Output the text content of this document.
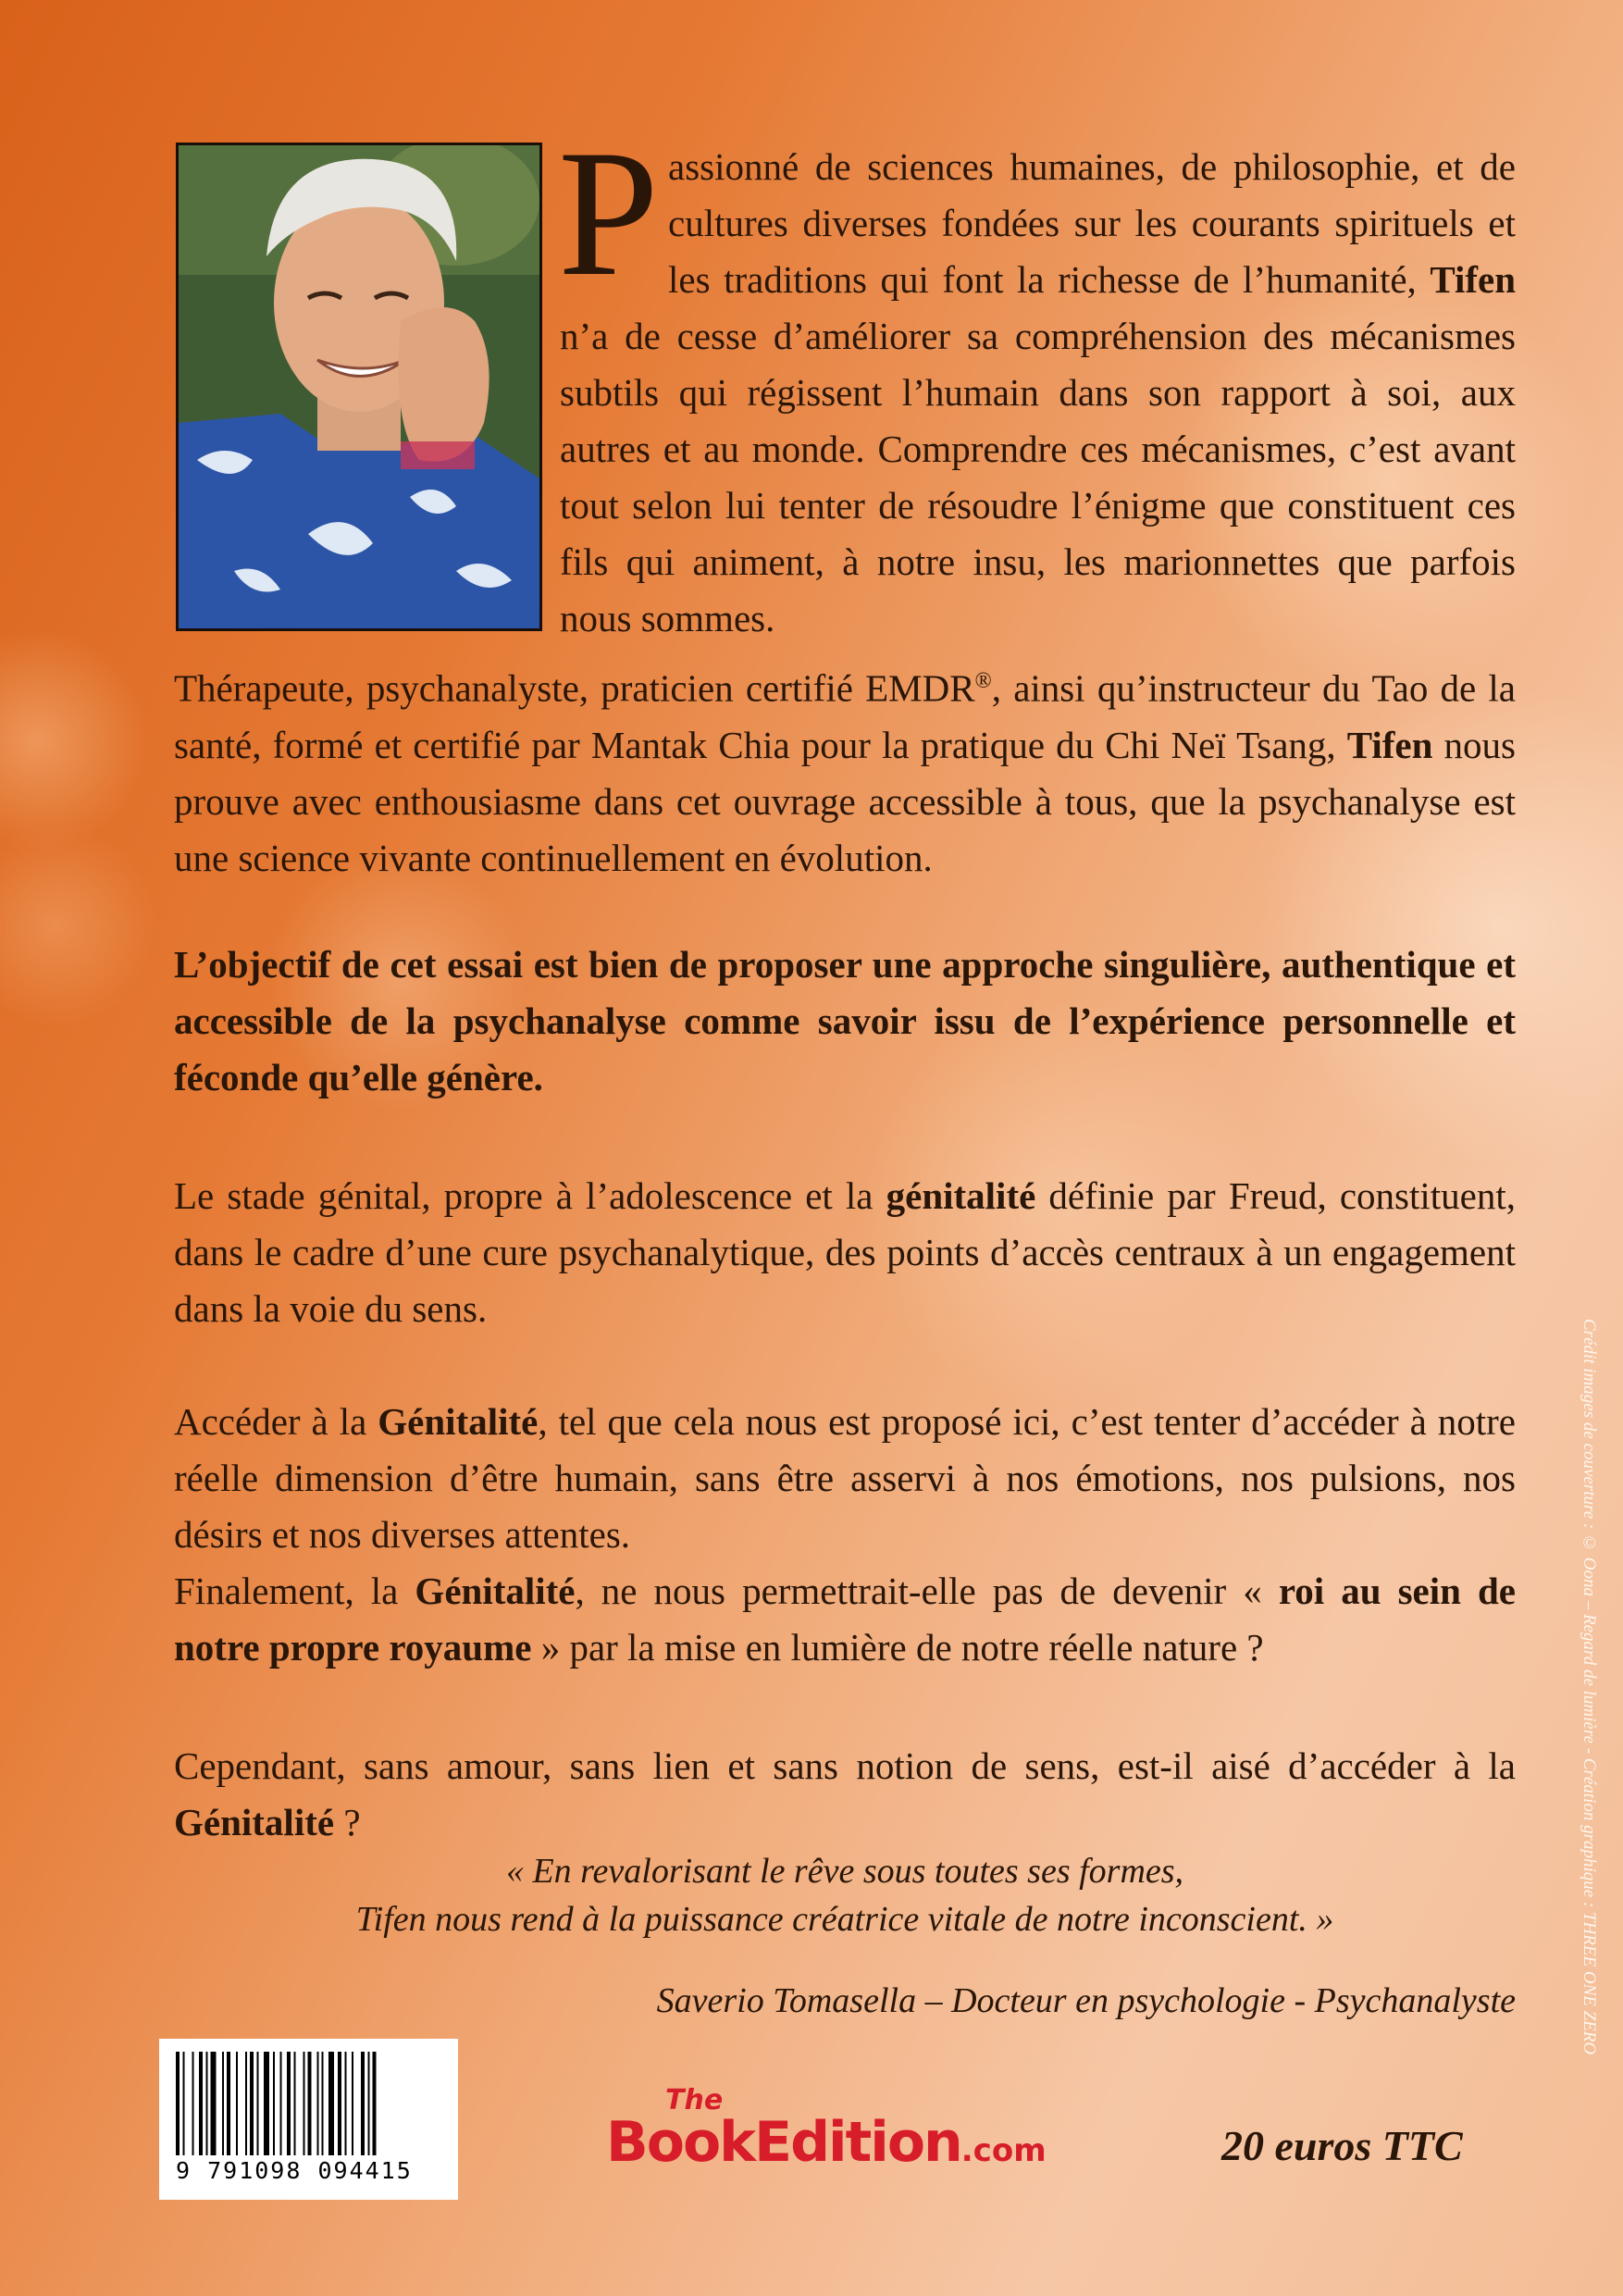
Passionné de sciences humaines, de philosophie, et de cultures diverses fondées sur les courants spirituels et les traditions qui font la richesse de l’humanité, Tifen n’a de cesse d’améliorer sa compréhension des mécanismes subtils qui régissent l’humain dans son rapport à soi, aux autres et au monde. Comprendre ces mécanismes, c’est avant tout selon lui tenter de résoudre l’énigme que constituent ces fils qui animent, à notre insu, les marionnettes que parfois nous sommes.
Thérapeute, psychanalyste, praticien certifié EMDR®, ainsi qu’instructeur du Tao de la santé, formé et certifié par Mantak Chia pour la pratique du Chi Neï Tsang, Tifen nous prouve avec enthousiasme dans cet ouvrage accessible à tous, que la psychanalyse est une science vivante continuellement en évolution.
L’objectif de cet essai est bien de proposer une approche singulière, authentique et accessible de la psychanalyse comme savoir issu de l’expérience personnelle et féconde qu’elle génère.
Le stade génital, propre à l’adolescence et la génitalité définie par Freud, constituent, dans le cadre d’une cure psychanalytique, des points d’accès centraux à un engagement dans la voie du sens.
Accéder à la Génitalité, tel que cela nous est proposé ici, c’est tenter d’accéder à notre réelle dimension d’être humain, sans être asservi à nos émotions, nos pulsions, nos désirs et nos diverses attentes.
Finalement, la Génitalité, ne nous permettrait-elle pas de devenir « roi au sein de notre propre royaume » par la mise en lumière de notre réelle nature ?
Cependant, sans amour, sans lien et sans notion de sens, est-il aisé d’accéder à la Génitalité ?
« En revalorisant le rêve sous toutes ses formes,
Tifen nous rend à la puissance créatrice vitale de notre inconscient. »
Saverio Tomasella – Docteur en psychologie - Psychanalyste	Crédit images de couverture : © Oona – Regard de lumière - Création graphique : THREE ONE ZERO
9 791098 094415
The
BookEdition.com	20 euros TTC
